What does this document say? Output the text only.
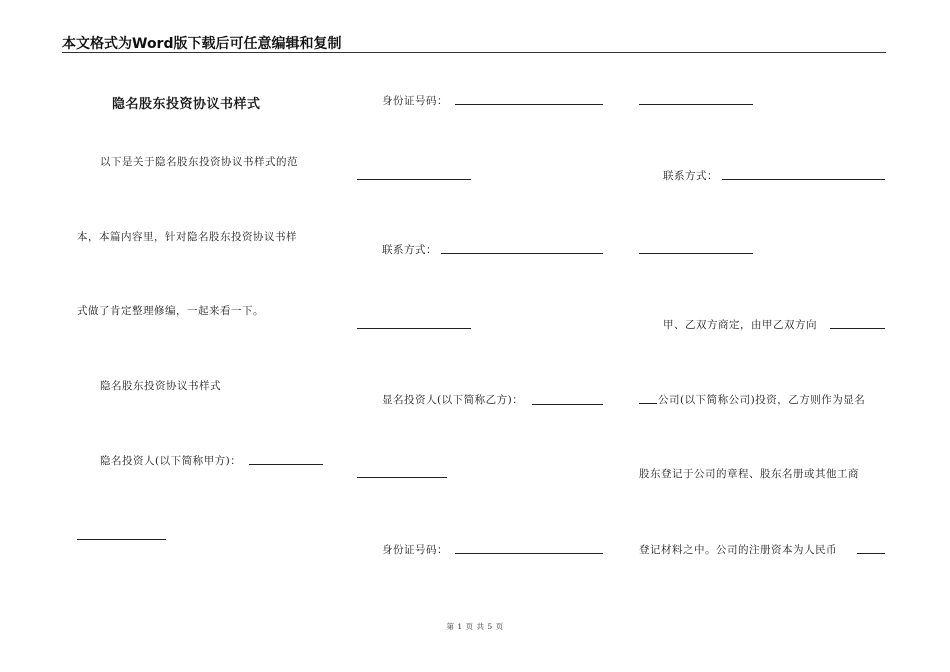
本文格式为Word版下载后可任意编辑和复制
隐名股东投资协议书样式
以下是关于隐名股东投资协议书样式的范
本，本篇内容里，针对隐名股东投资协议书样
式做了肯定整理修编，一起来看一下。
隐名股东投资协议书样式
隐名投资人(以下简称甲方)：
身份证号码：
联系方式：
显名投资人(以下简称乙方)：
身份证号码：
联系方式：
甲、乙双方商定，由甲乙双方向
公司(以下简称公司)投资，乙方则作为显名
股东登记于公司的章程、股东名册或其他工商
登记材料之中。公司的注册资本为人民币
第 1 页 共 5 页
